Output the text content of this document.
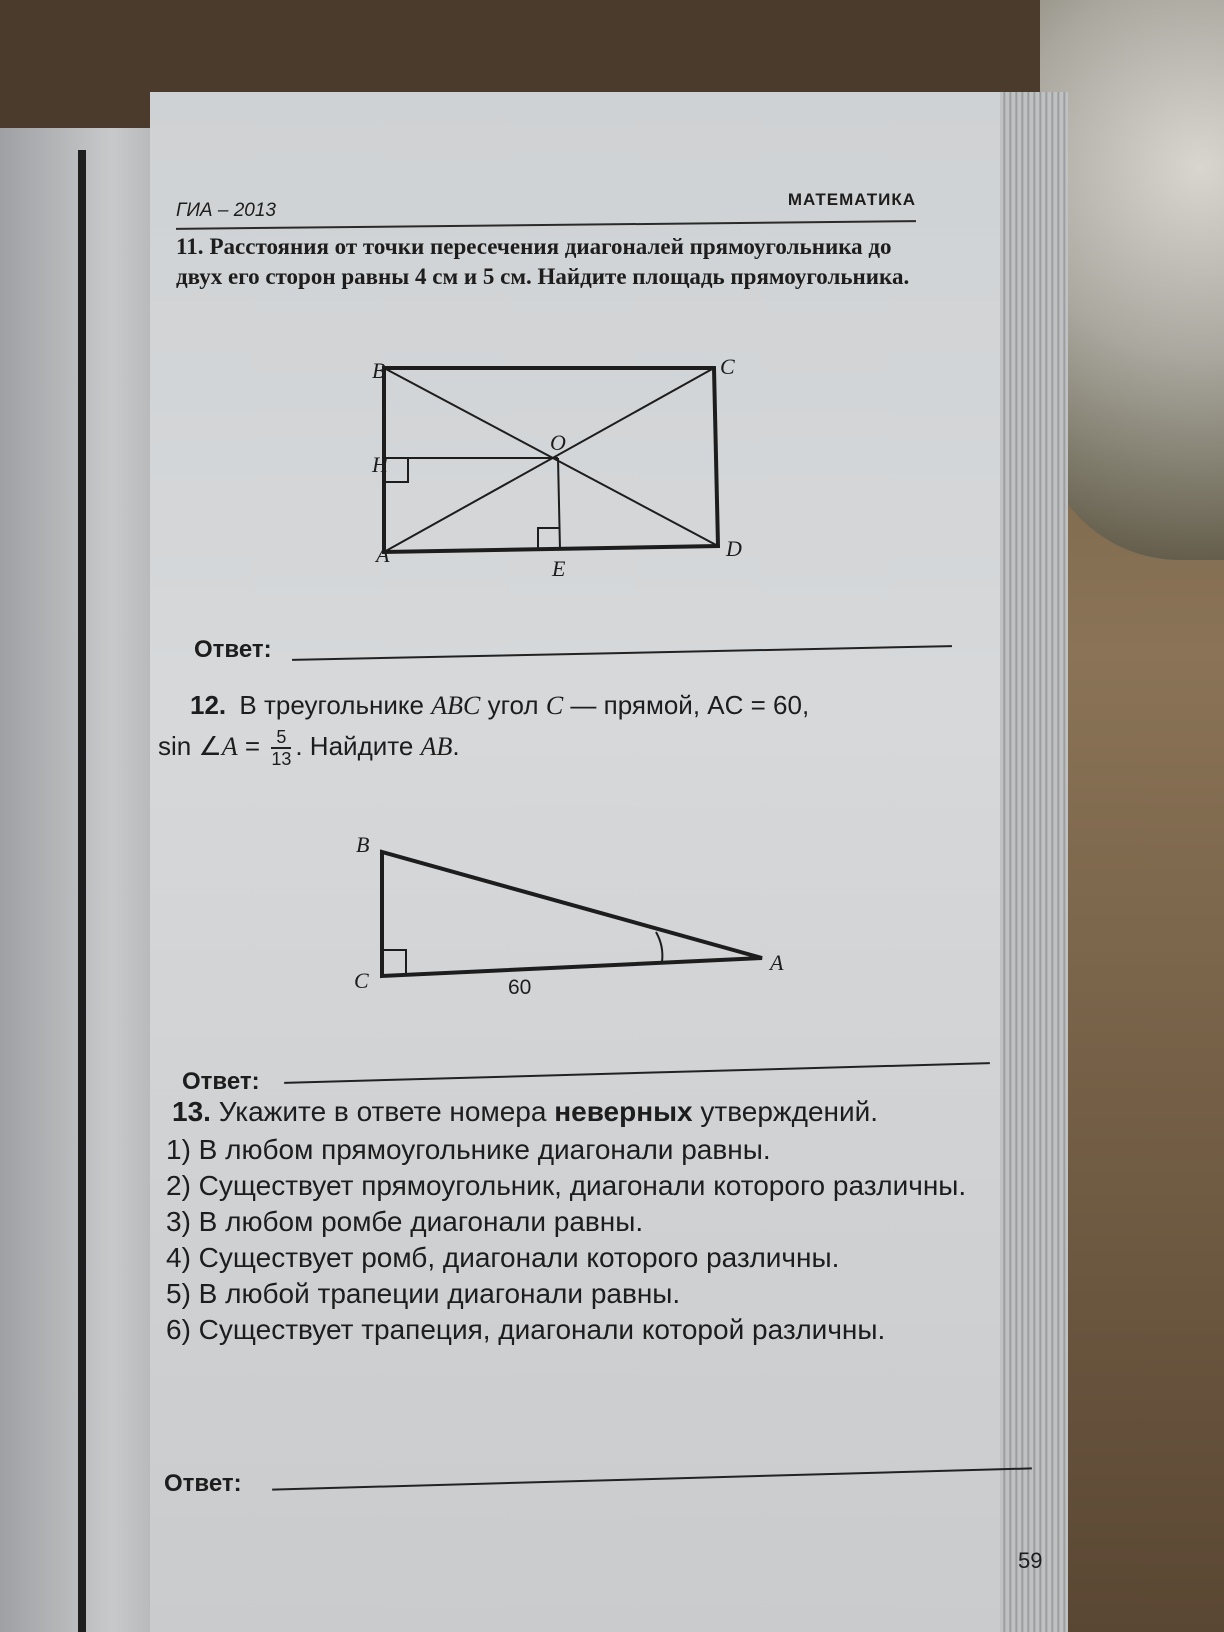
ГИА – 2013
МАТЕМАТИКА
11. Расстояния от точки пересечения диагоналей прямоугольника до двух его сторон равны 4 см и 5 см. Найдите площадь прямоугольника.
B	C
O
H
A	D
E
B
C
A
60
Ответ:
12. В треугольнике ABC угол C — прямой, AC = 60,
sin ∠A = $\frac{5}{13}$ . Найдите AB.
Ответ:

13. Укажите в ответе номера неверных утверждений.

1) В любом прямоугольнике диагонали равны.

2) Существует прямоугольник, диагонали которого различны.

3) В любом ромбе диагонали равны.

4) Существует ромб, диагонали которого различны.

5) В любой трапеции диагонали равны.

6) Существует трапеция, диагонали которой различны.

Ответ:
59
